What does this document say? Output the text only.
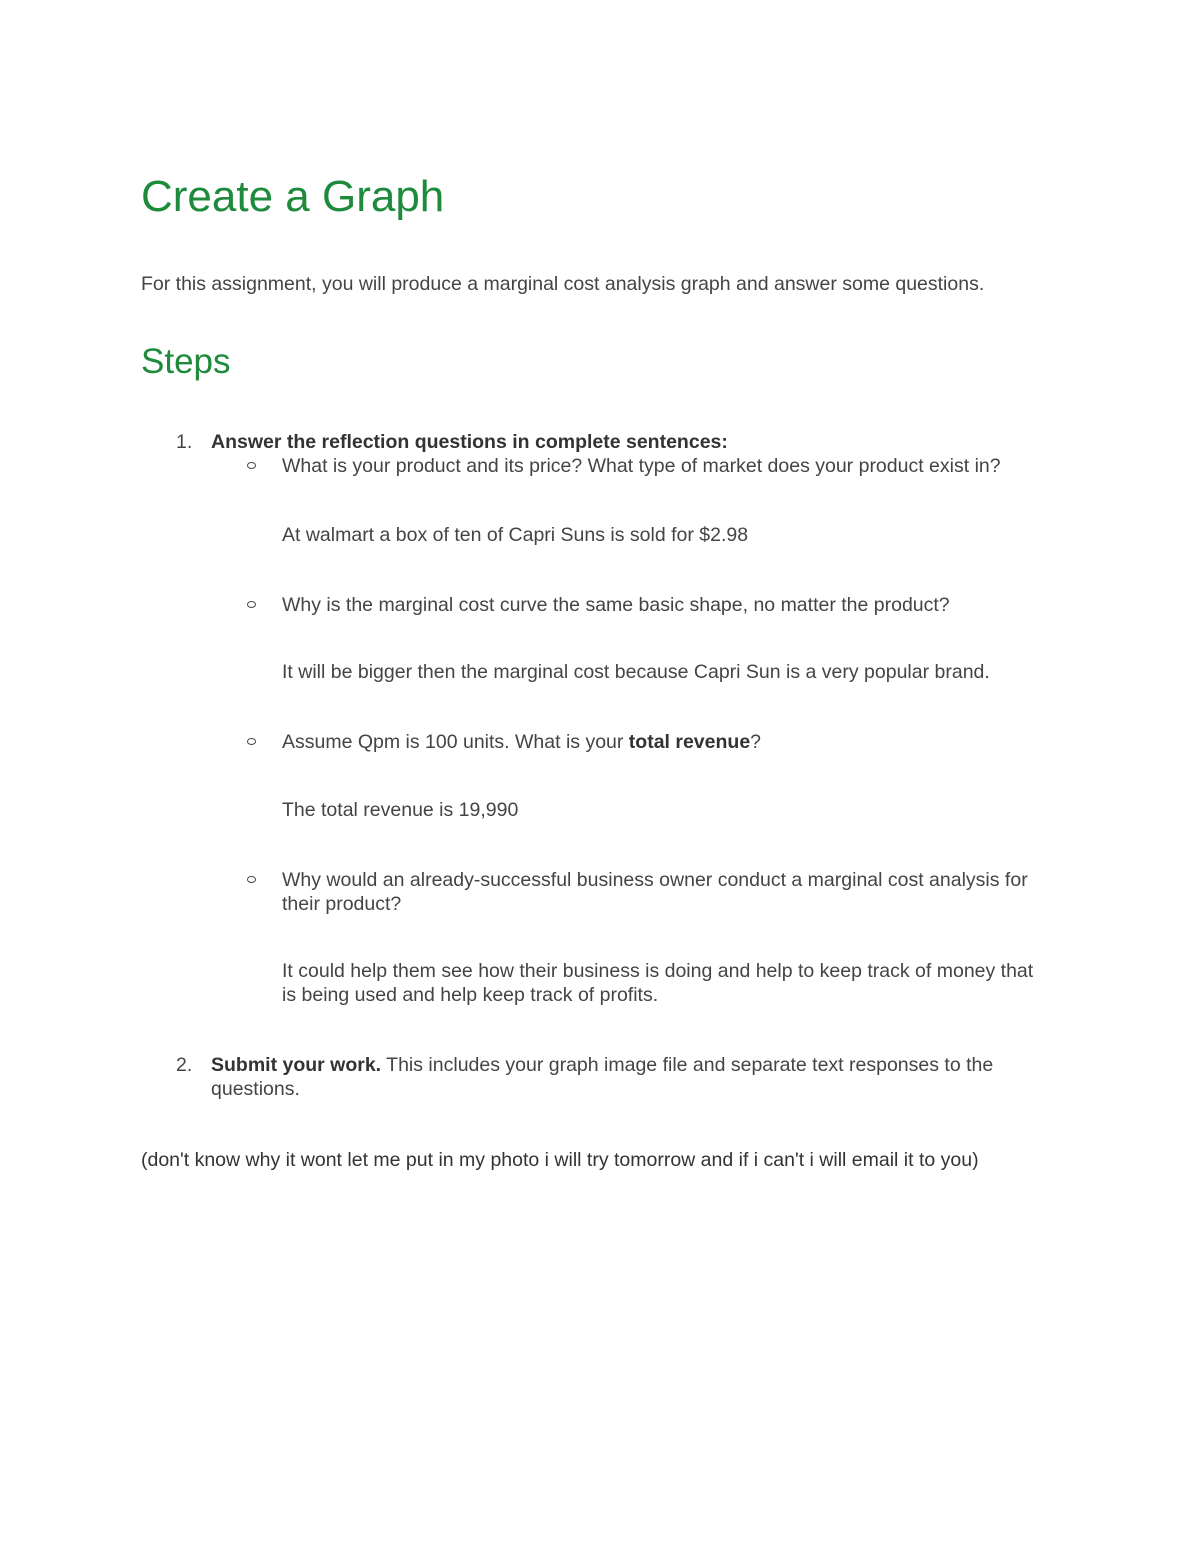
Create a Graph

For this assignment, you will produce a marginal cost analysis graph and answer some questions.

Steps
1. Answer the reflection questions in complete sentences:
What is your product and its price? What type of market does your product exist in?
At walmart a box of ten of Capri Suns is sold for $2.98
Why is the marginal cost curve the same basic shape, no matter the product?
It will be bigger then the marginal cost because Capri Sun is a very popular brand.
Assume Qpm is 100 units. What is your total revenue?
The total revenue is 19,990
Why would an already-successful business owner conduct a marginal cost analysis for their product?
It could help them see how their business is doing and help to keep track of money that is being used and help keep track of profits.
2. Submit your work. This includes your graph image file and separate text responses to the questions.

(don't know why it wont let me put in my photo i will try tomorrow and if i can't i will email it to you)
